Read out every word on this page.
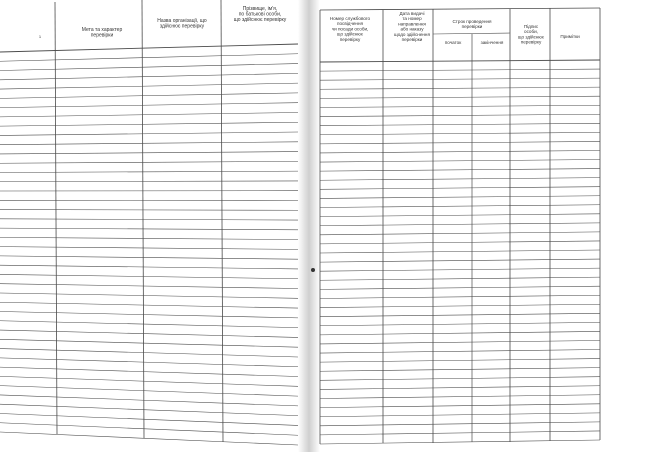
1
Мета та характер перевірки
Назва організації, що здійснює перевірку
Прізвище, ім'я, по батькові особи, що здійснює перевірку	Номер службового посвідчення чи посади особи, що здійснює перевірку
Дата видачі та номер направлення або наказу щодо здійснення перевірки
Строк проведення перевірки
початок	закінчення
Підпис особи, що здійснює перевірку
Примітки
